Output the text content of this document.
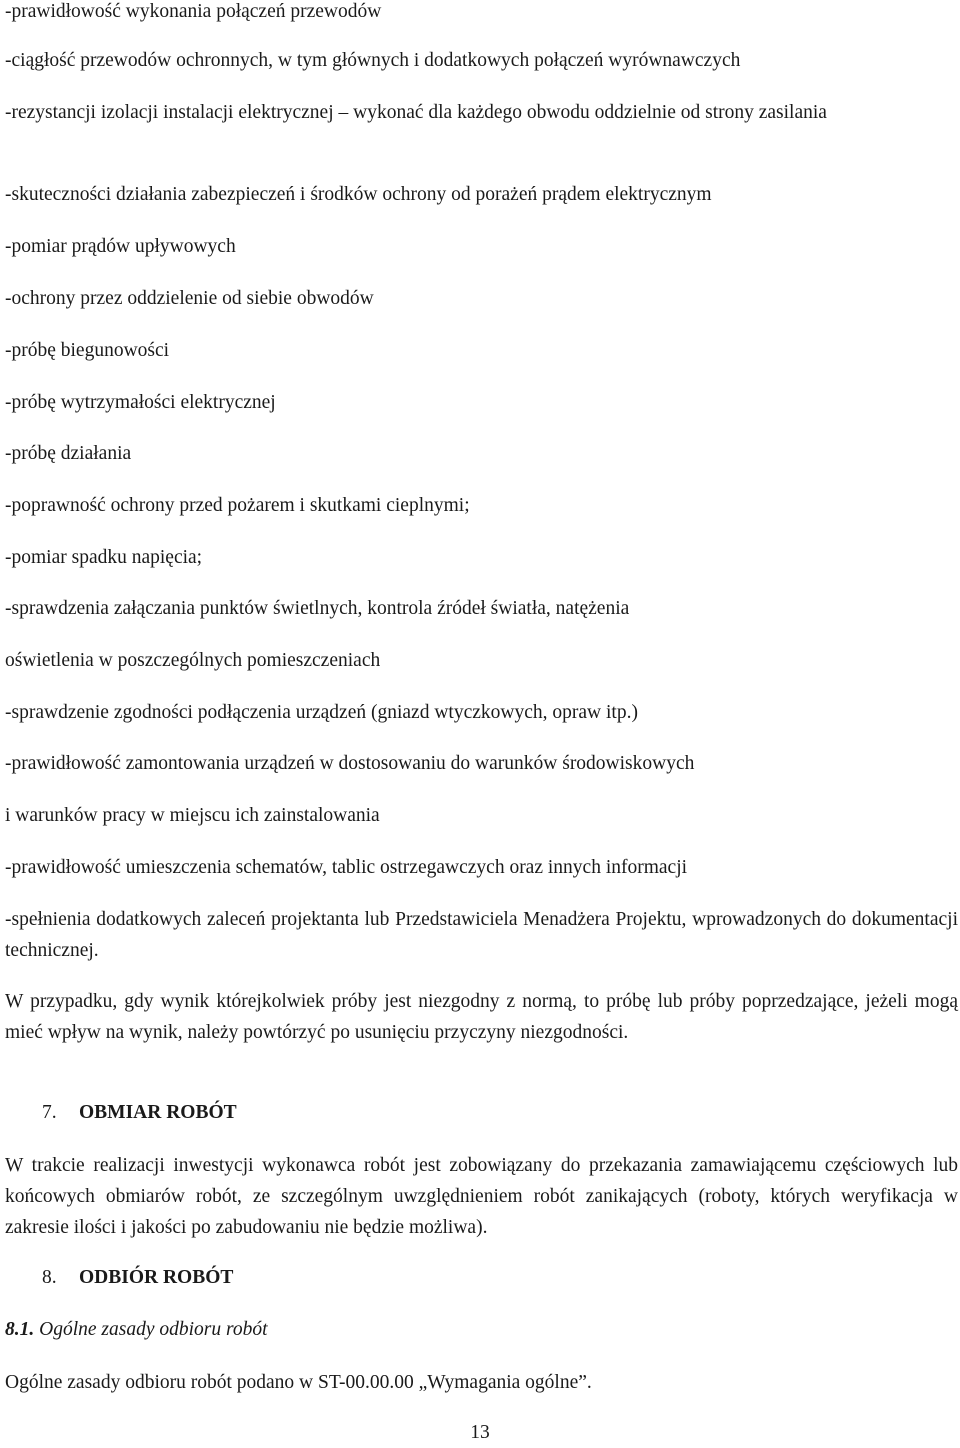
-prawidłowość wykonania połączeń przewodów
-ciągłość przewodów ochronnych, w tym głównych i dodatkowych połączeń wyrównawczych
-rezystancji izolacji instalacji elektrycznej – wykonać dla każdego obwodu oddzielnie od strony zasilania
-skuteczności działania zabezpieczeń i środków ochrony od porażeń prądem elektrycznym
-pomiar prądów upływowych
-ochrony przez oddzielenie od siebie obwodów
-próbę biegunowości
-próbę wytrzymałości elektrycznej
-próbę działania
-poprawność ochrony przed pożarem i skutkami cieplnymi;
-pomiar spadku napięcia;
-sprawdzenia załączania punktów świetlnych, kontrola źródeł światła, natężenia
oświetlenia w poszczególnych pomieszczeniach
-sprawdzenie zgodności podłączenia urządzeń (gniazd wtyczkowych, opraw itp.)
-prawidłowość zamontowania urządzeń w dostosowaniu do warunków środowiskowych
i warunków pracy w miejscu ich zainstalowania
-prawidłowość umieszczenia schematów, tablic ostrzegawczych oraz innych informacji
-spełnienia dodatkowych zaleceń projektanta lub Przedstawiciela Menadżera Projektu, wprowadzonych do dokumentacji technicznej.
W przypadku, gdy wynik którejkolwiek próby jest niezgodny z normą, to próbę lub próby poprzedzające, jeżeli mogą mieć wpływ na wynik, należy powtórzyć po usunięciu przyczyny niezgodności.
7. OBMIAR ROBÓT
W trakcie realizacji inwestycji wykonawca robót jest zobowiązany do przekazania zamawiającemu częściowych lub końcowych obmiarów robót, ze szczególnym uwzględnieniem robót zanikających (roboty, których weryfikacja w zakresie ilości i jakości po zabudowaniu nie będzie możliwa).
8. ODBIÓR ROBÓT
8.1. Ogólne zasady odbioru robót
Ogólne zasady odbioru robót podano w ST-00.00.00 „Wymagania ogólne”.
13
